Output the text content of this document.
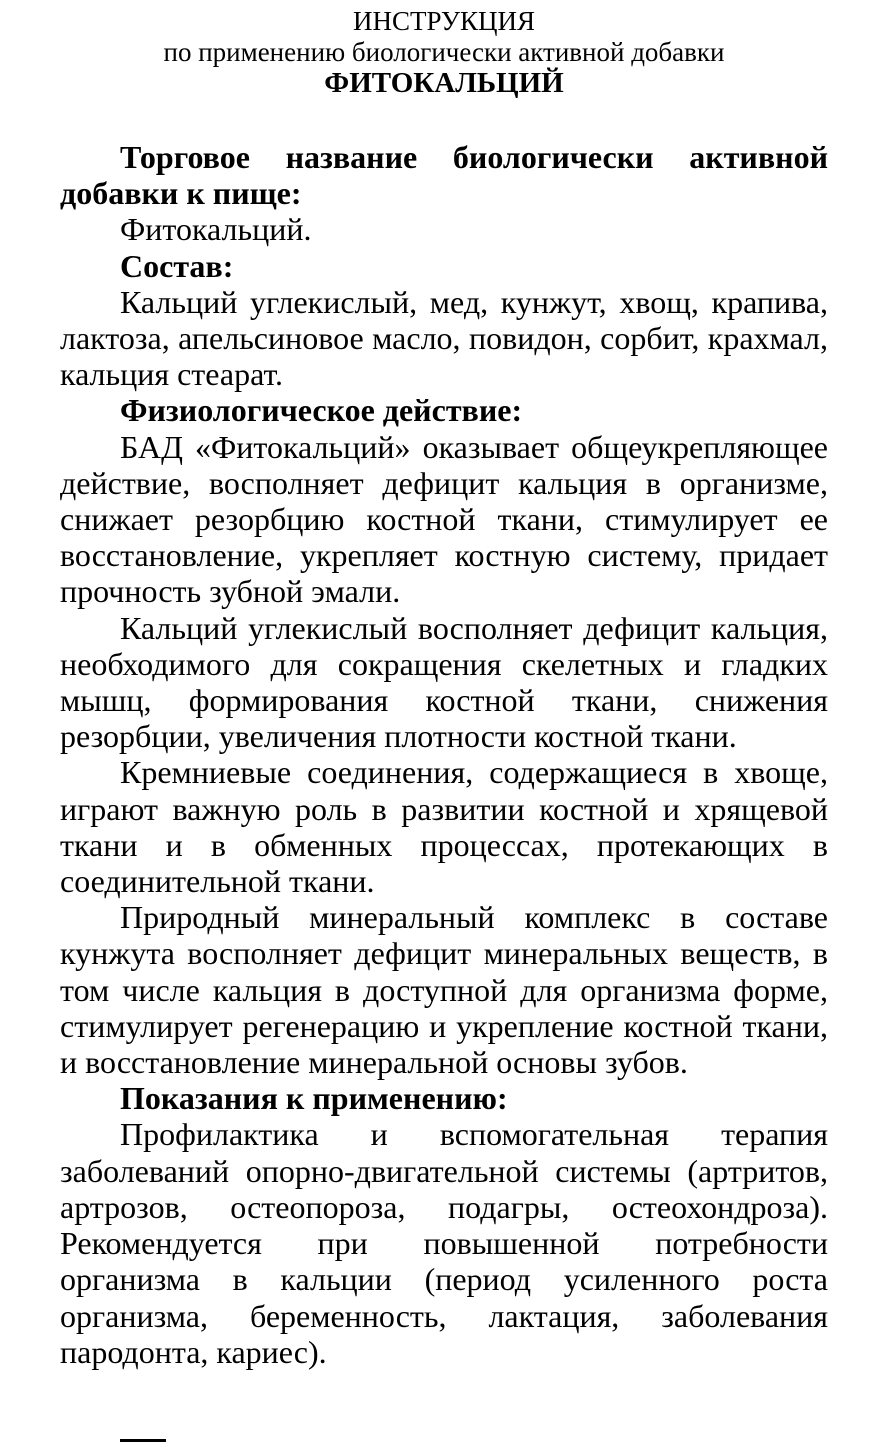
ИНСТРУКЦИЯ
по применению биологически активной добавки
ФИТОКАЛЬЦИЙ

Торговое название биологически активной добавки к пище:

Фитокальций.

Состав:

Кальций углекислый, мед, кунжут, хвощ, крапива, лактоза, апельсиновое масло, повидон, сорбит, крахмал, кальция стеарат.

Физиологическое действие:

БАД «Фитокальций» оказывает общеукрепляющее действие, восполняет дефицит кальция в организме, снижает резорбцию костной ткани, стимулирует ее восстановление, укрепляет костную систему, придает прочность зубной эмали.

Кальций углекислый восполняет дефицит кальция, необходимого для сокращения скелетных и гладких мышц, формирования костной ткани, снижения резорбции, увеличения плотности костной ткани.

Кремниевые соединения, содержащиеся в хвоще, играют важную роль в развитии костной и хрящевой ткани и в обменных процессах, протекающих в соединительной ткани.

Природный минеральный комплекс в составе кунжута восполняет дефицит минеральных веществ, в том числе кальция в доступной для организма форме, стимулирует регенерацию и укрепление костной ткани, и восстановление минеральной основы зубов.

Показания к применению:

Профилактика и вспомогательная терапия заболеваний опорно-двигательной системы (артритов, артрозов, остеопороза, подагры, остеохондроза). Рекомендуется при повышенной потребности организма в кальции (период усиленного роста организма, беременность, лактация, заболевания пародонта, кариес).
